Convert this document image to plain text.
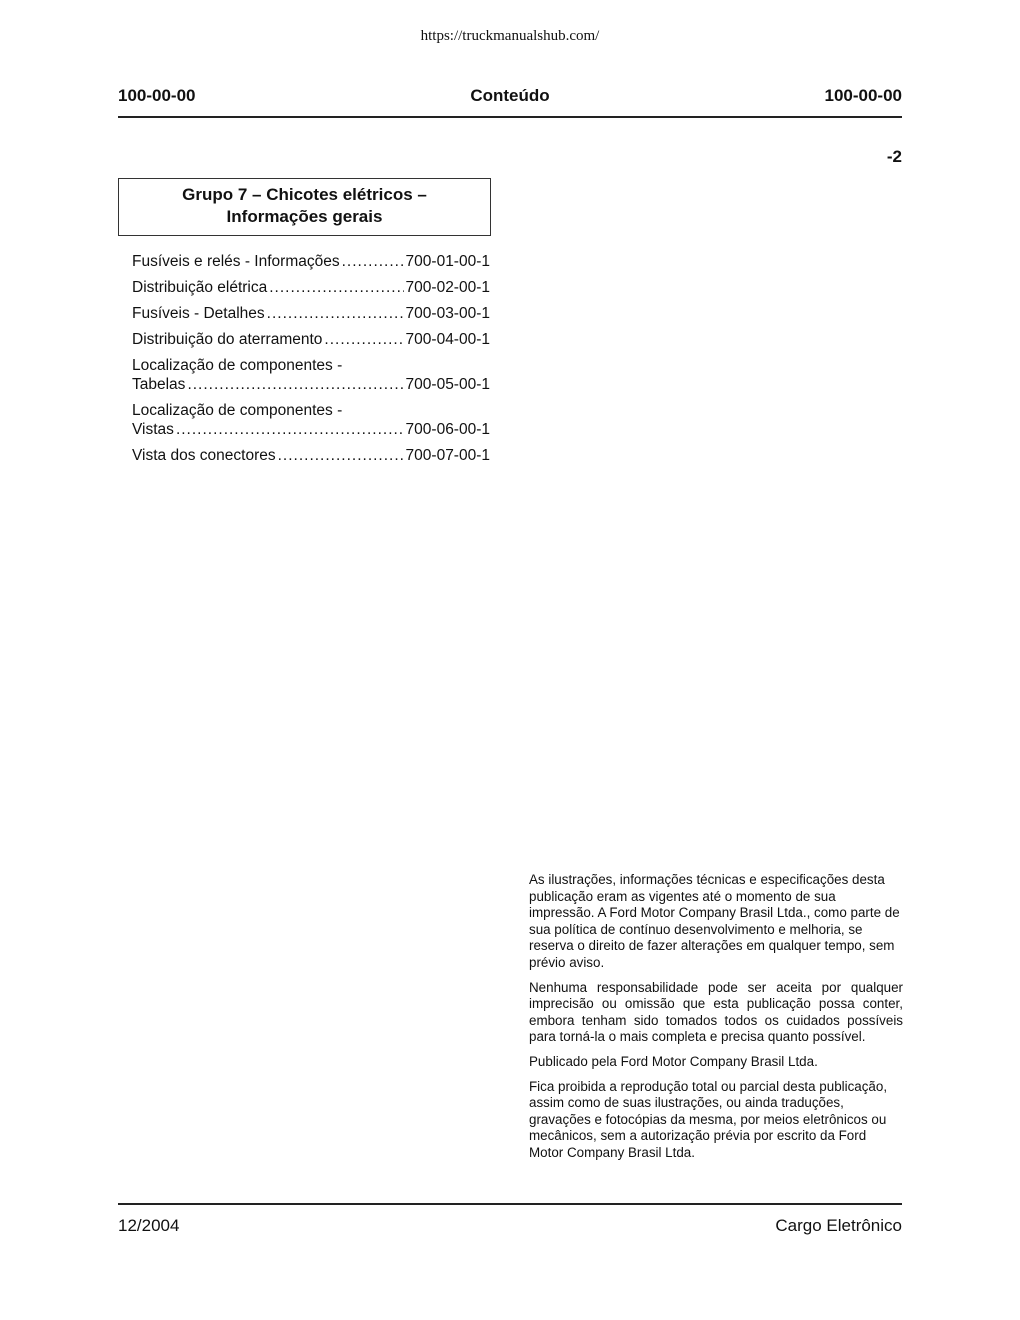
https://truckmanualshub.com/
Conteúdo
100-00-00	100-00-00
-2
Grupo 7 – Chicotes elétricos –
Informações gerais
Fusíveis e relés - Informações .....	700-01-00-1
Distribuição elétrica .....	700-02-00-1
Fusíveis - Detalhes .....	700-03-00-1
Distribuição do aterramento .....	700-04-00-1
Localização de componentes -
Tabelas .....	700-05-00-1
Localização de componentes -
Vistas .....	700-06-00-1
Vista dos conectores .....	700-07-00-1

As ilustrações, informações técnicas e especificações desta publicação eram as vigentes até o momento de sua impressão. A Ford Motor Company Brasil Ltda., como parte de sua política de contínuo desenvolvimento e melhoria, se reserva o direito de fazer alterações em qualquer tempo, sem prévio aviso.

Nenhuma responsabilidade pode ser aceita por qualquer imprecisão ou omissão que esta publicação possa conter, embora tenham sido tomados todos os cuidados possíveis para torná-la o mais completa e precisa quanto possível.

Publicado pela Ford Motor Company Brasil Ltda.

Fica proibida a reprodução total ou parcial desta publicação, assim como de suas ilustrações, ou ainda traduções, gravações e fotocópias da mesma, por meios eletrônicos ou mecânicos, sem a autorização prévia por escrito da Ford Motor Company Brasil Ltda.

12/2004	Cargo Eletrônico
